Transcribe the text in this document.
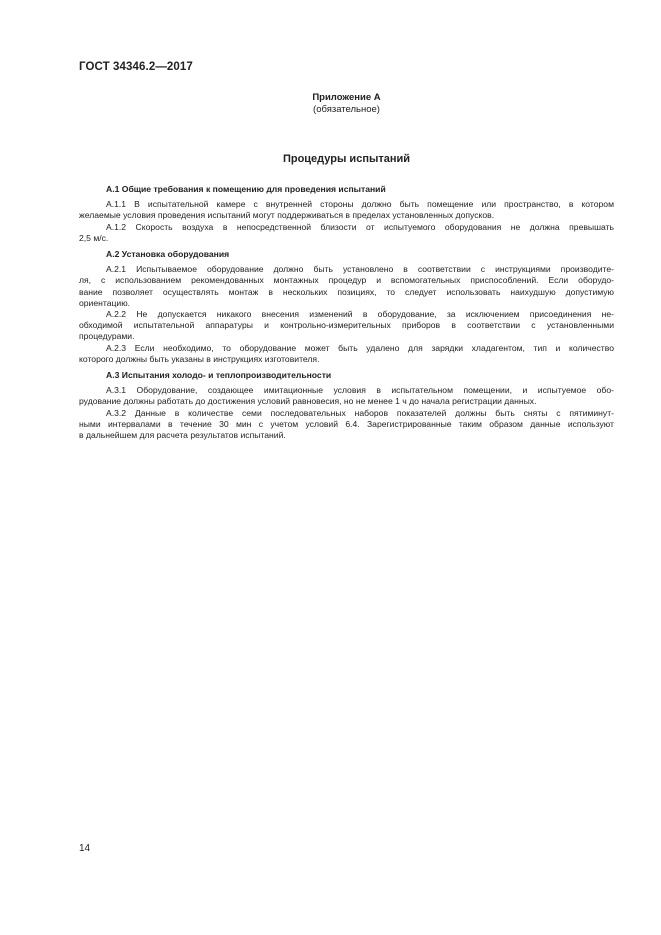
ГОСТ 34346.2—2017
Приложение А
(обязательное)
Процедуры испытаний

А.1 Общие требования к помещению для проведения испытаний

А.1.1 В испытательной камере с внутренней стороны должно быть помещение или пространство, в котором
желаемые условия проведения испытаний могут поддерживаться в пределах установленных допусков.
А.1.2 Скорость воздуха в непосредственной близости от испытуемого оборудования не должна превышать
2,5 м/с.

А.2 Установка оборудования

А.2.1 Испытываемое оборудование должно быть установлено в соответствии с инструкциями производите-
ля, с использованием рекомендованных монтажных процедур и вспомогательных приспособлений. Если оборудо-
вание позволяет осуществлять монтаж в нескольких позициях, то следует использовать наихудшую допустимую
ориентацию.
А.2.2 Не допускается никакого внесения изменений в оборудование, за исключением присоединения не-
обходимой испытательной аппаратуры и контрольно-измерительных приборов в соответствии с установленными
процедурами.
А.2.3 Если необходимо, то оборудование может быть удалено для зарядки хладагентом, тип и количество
которого должны быть указаны в инструкциях изготовителя.

А.3 Испытания холодо- и теплопроизводительности

А.3.1 Оборудование, создающее имитационные условия в испытательном помещении, и испытуемое обо-
рудование должны работать до достижения условий равновесия, но не менее 1 ч до начала регистрации данных.
А.3.2 Данные в количестве семи последовательных наборов показателей должны быть сняты с пятиминут-
ными интервалами в течение 30 мин с учетом условий 6.4. Зарегистрированные таким образом данные используют
в дальнейшем для расчета результатов испытаний.
14
